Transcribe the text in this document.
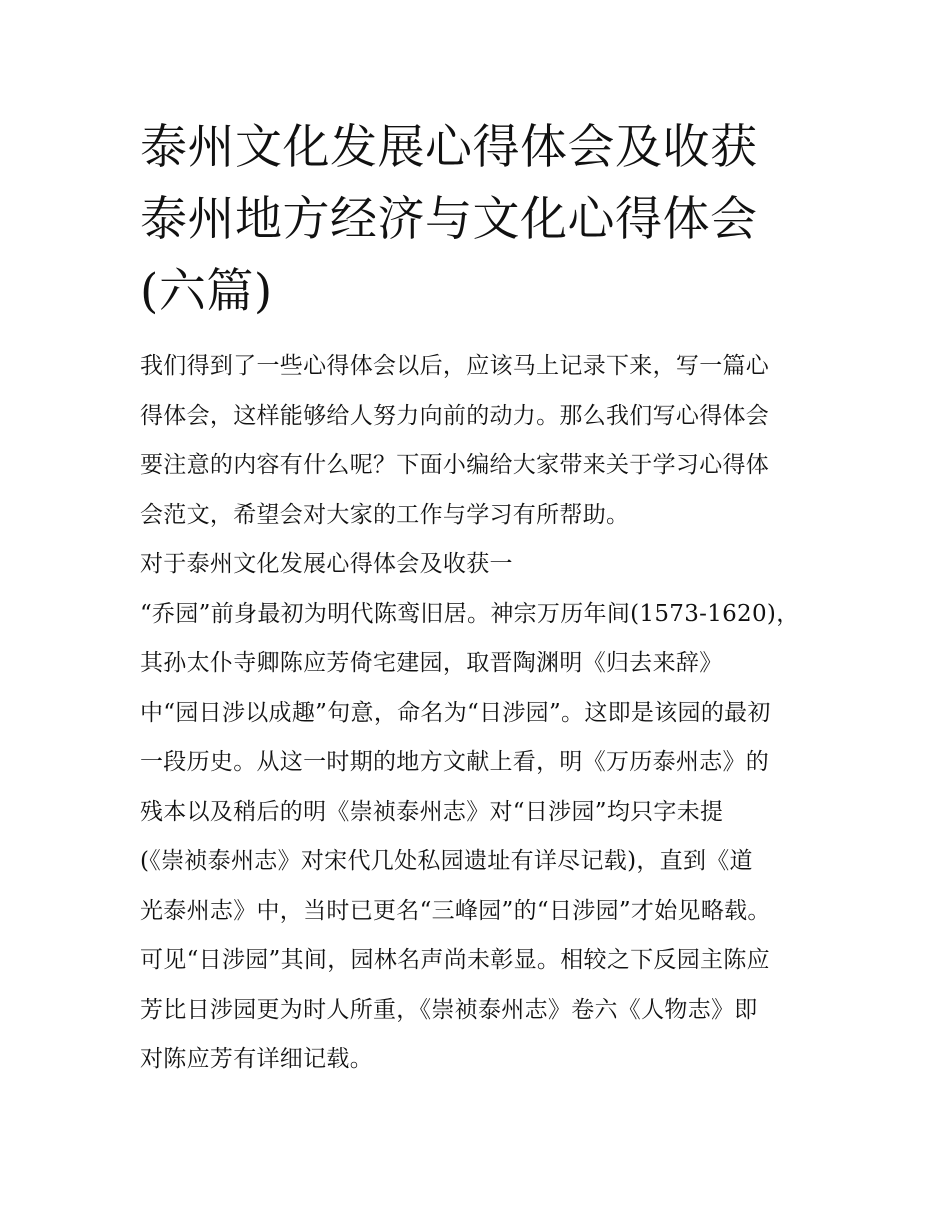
泰州文化发展心得体会及收获
泰州地方经济与文化心得体会
(六篇)
我们得到了一些心得体会以后，应该马上记录下来，写一篇心
得体会，这样能够给人努力向前的动力。那么我们写心得体会
要注意的内容有什么呢？下面小编给大家带来关于学习心得体
会范文，希望会对大家的工作与学习有所帮助。
对于泰州文化发展心得体会及收获一
“乔园”前身最初为明代陈鸾旧居。神宗万历年间(1573-1620)，
其孙太仆寺卿陈应芳倚宅建园，取晋陶渊明《归去来辞》
中“园日涉以成趣”句意，命名为“日涉园”。这即是该园的最初
一段历史。从这一时期的地方文献上看，明《万历泰州志》的
残本以及稍后的明《崇祯泰州志》对“日涉园”均只字未提
(《崇祯泰州志》对宋代几处私园遗址有详尽记载)，直到《道
光泰州志》中，当时已更名“三峰园”的“日涉园”才始见略载。
可见“日涉园”其间，园林名声尚未彰显。相较之下反园主陈应
芳比日涉园更为时人所重，《崇祯泰州志》卷六《人物志》即
对陈应芳有详细记载。
